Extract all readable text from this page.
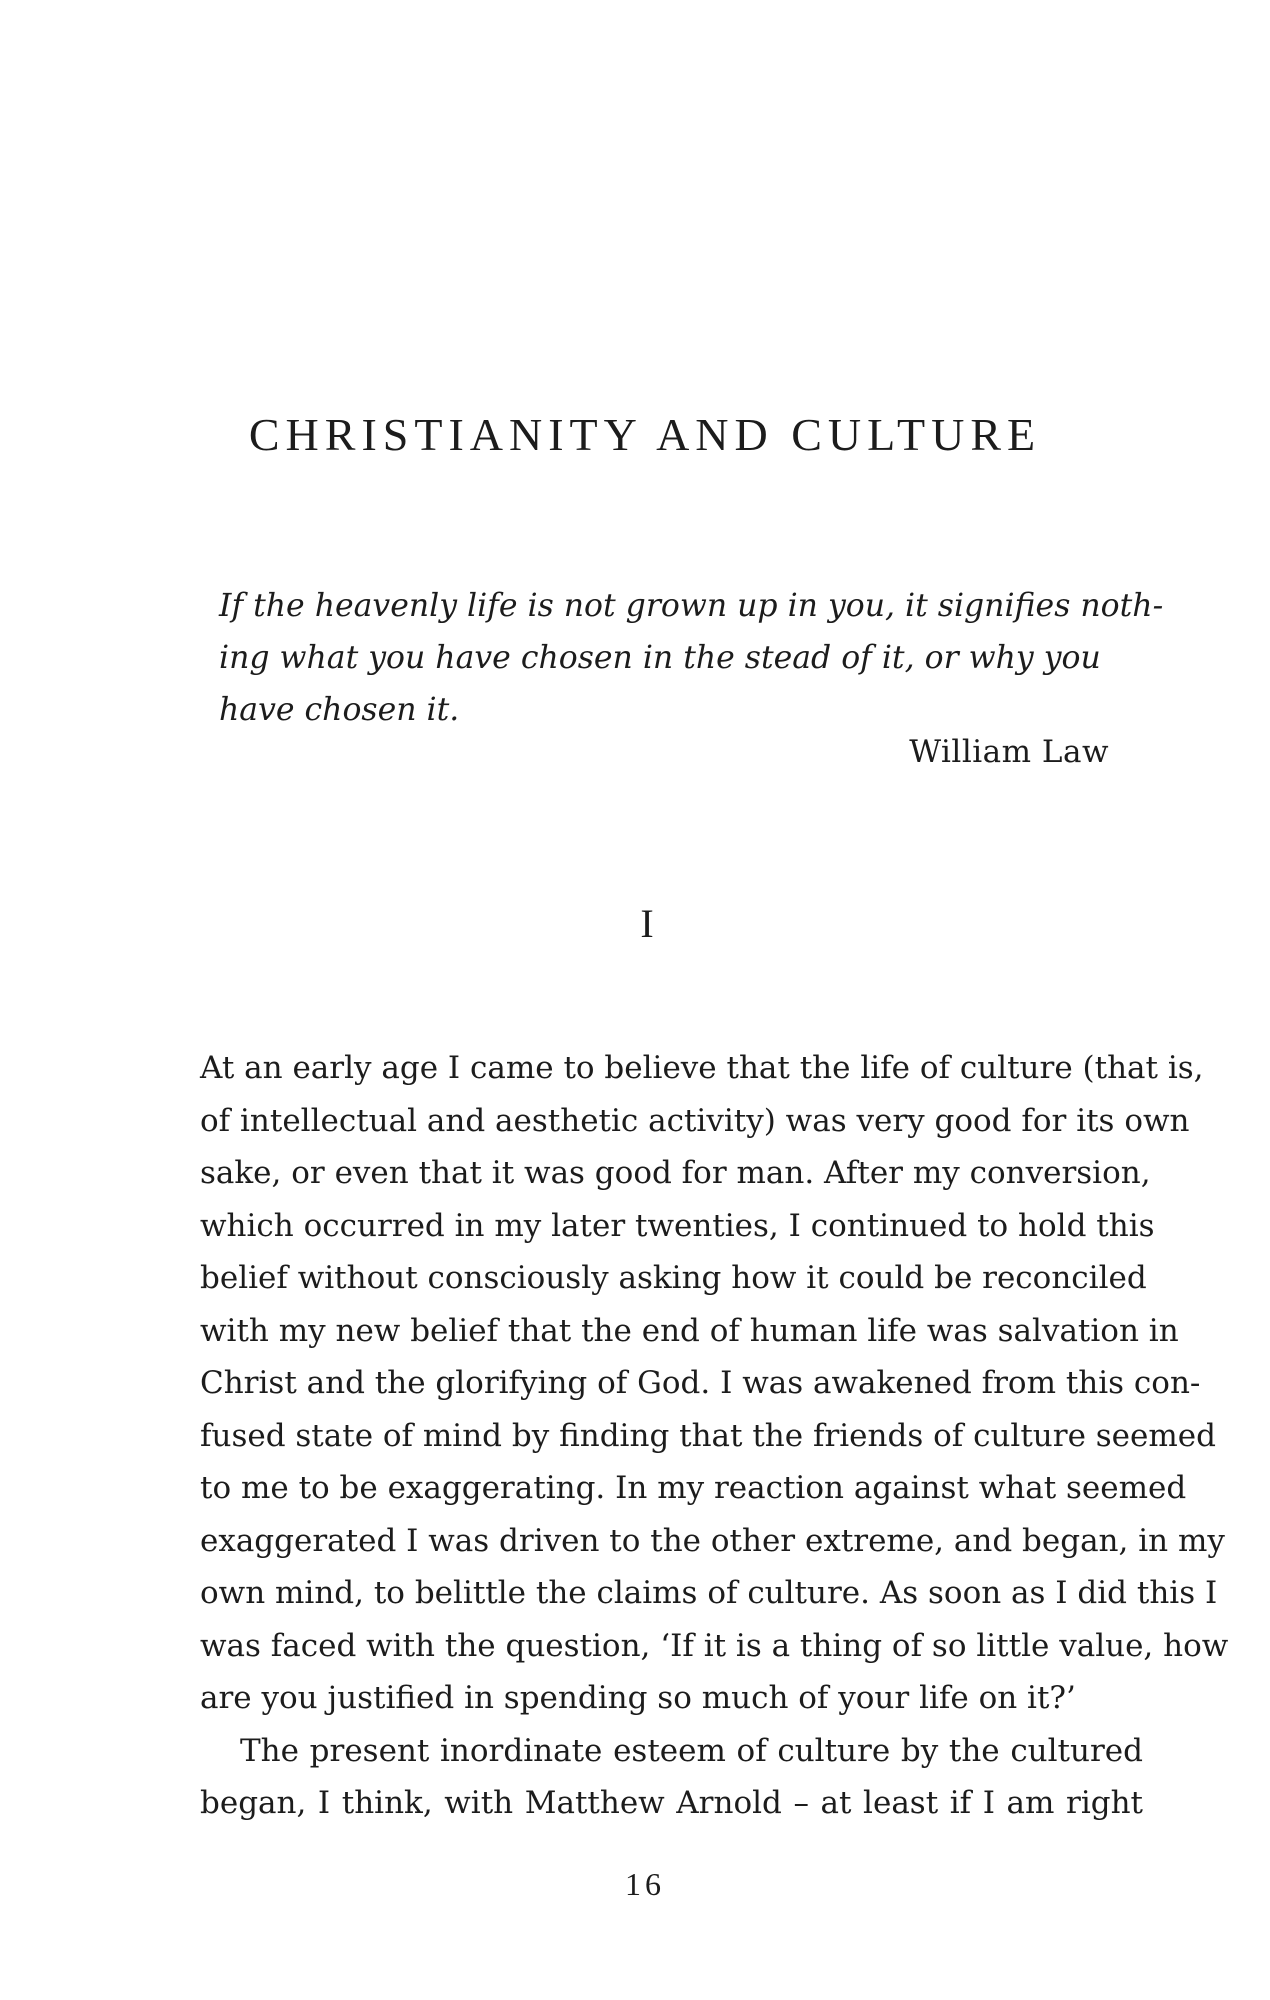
CHRISTIANITY AND CULTURE
If the heavenly life is not grown up in you, it signifies noth-
ing what you have chosen in the stead of it, or why you
have chosen it.
William Law
I
At an early age I came to believe that the life of culture (that is,
of intellectual and aesthetic activity) was very good for its own
sake, or even that it was good for man. After my conversion,
which occurred in my later twenties, I continued to hold this
belief without consciously asking how it could be reconciled
with my new belief that the end of human life was salvation in
Christ and the glorifying of God. I was awakened from this con-
fused state of mind by finding that the friends of culture seemed
to me to be exaggerating. In my reaction against what seemed
exaggerated I was driven to the other extreme, and began, in my
own mind, to belittle the claims of culture. As soon as I did this I
was faced with the question, ‘If it is a thing of so little value, how
are you justified in spending so much of your life on it?’
The present inordinate esteem of culture by the cultured
began, I think, with Matthew Arnold – at least if I am right
16
